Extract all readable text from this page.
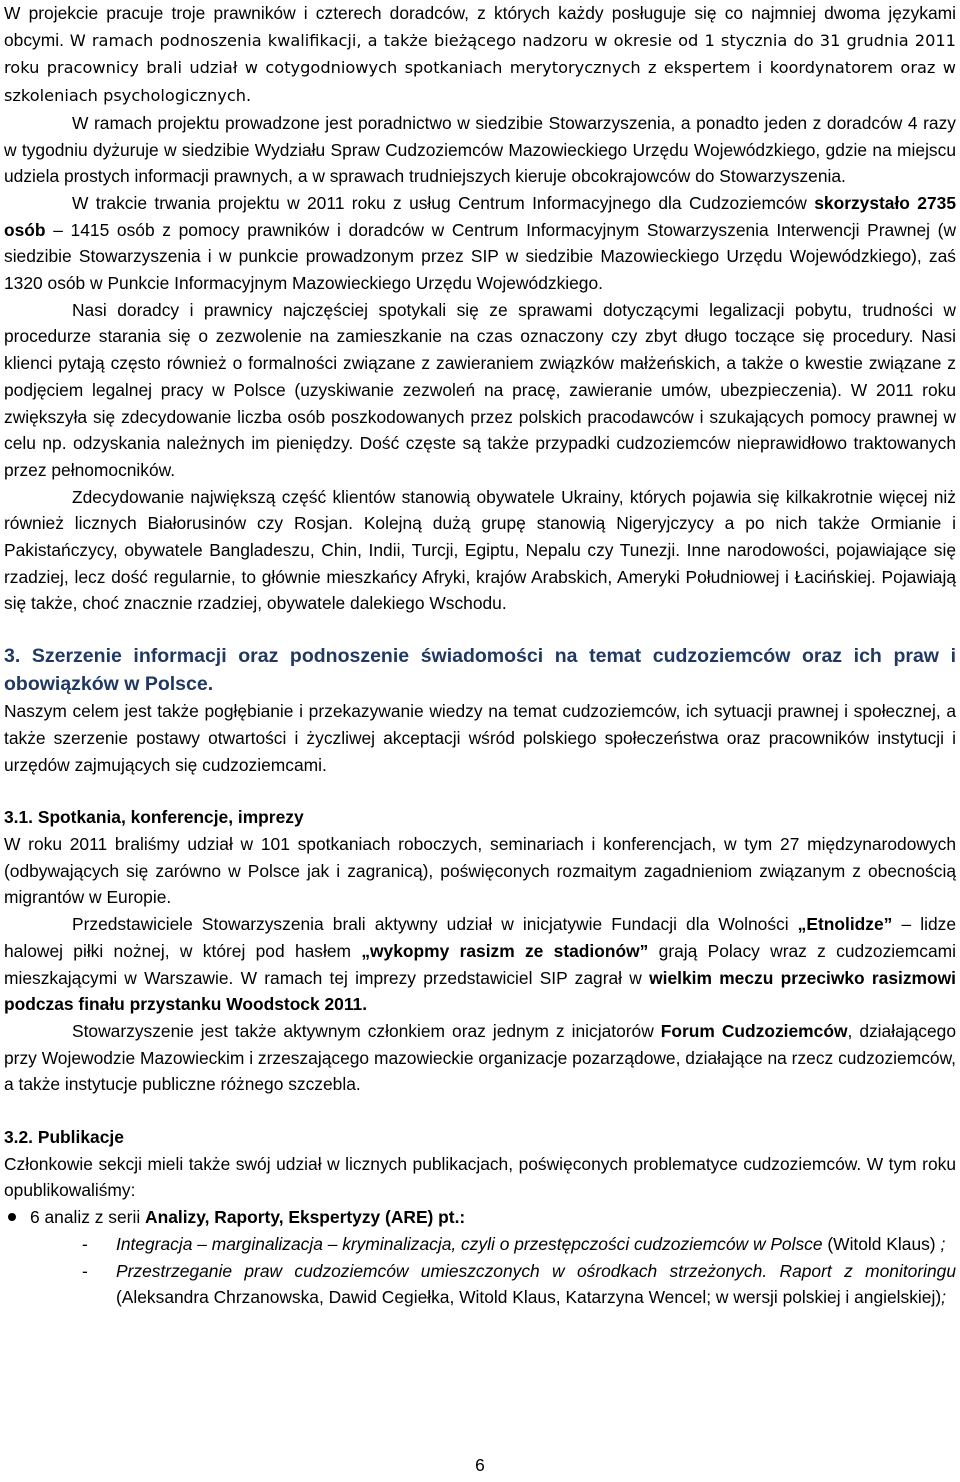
W projekcie pracuje troje prawników i czterech doradców, z których każdy posługuje się co najmniej dwoma językami obcymi. W ramach podnoszenia kwalifikacji, a także bieżącego nadzoru w okresie od 1 stycznia do 31 grudnia 2011 roku pracownicy brali udział w cotygodniowych spotkaniach merytorycznych z ekspertem i koordynatorem oraz w szkoleniach psychologicznych.

W ramach projektu prowadzone jest poradnictwo w siedzibie Stowarzyszenia, a ponadto jeden z doradców 4 razy w tygodniu dyżuruje w siedzibie Wydziału Spraw Cudzoziemców Mazowieckiego Urzędu Wojewódzkiego, gdzie na miejscu udziela prostych informacji prawnych, a w sprawach trudniejszych kieruje obcokrajowców do Stowarzyszenia.

W trakcie trwania projektu w 2011 roku z usług Centrum Informacyjnego dla Cudzoziemców skorzystało 2735 osób – 1415 osób z pomocy prawników i doradców w Centrum Informacyjnym Stowarzyszenia Interwencji Prawnej (w siedzibie Stowarzyszenia i w punkcie prowadzonym przez SIP w siedzibie Mazowieckiego Urzędu Wojewódzkiego), zaś 1320 osób w Punkcie Informacyjnym Mazowieckiego Urzędu Wojewódzkiego.

Nasi doradcy i prawnicy najczęściej spotykali się ze sprawami dotyczącymi legalizacji pobytu, trudności w procedurze starania się o zezwolenie na zamieszkanie na czas oznaczony czy zbyt długo toczące się procedury. Nasi klienci pytają często również o formalności związane z zawieraniem związków małżeńskich, a także o kwestie związane z podjęciem legalnej pracy w Polsce (uzyskiwanie zezwoleń na pracę, zawieranie umów, ubezpieczenia). W 2011 roku zwiększyła się zdecydowanie liczba osób poszkodowanych przez polskich pracodawców i szukających pomocy prawnej w celu np. odzyskania należnych im pieniędzy. Dość częste są także przypadki cudzoziemców nieprawidłowo traktowanych przez pełnomocników.

Zdecydowanie największą część klientów stanowią obywatele Ukrainy, których pojawia się kilkakrotnie więcej niż również licznych Białorusinów czy Rosjan. Kolejną dużą grupę stanowią Nigeryjczycy a po nich także Ormianie i Pakistańczycy, obywatele Bangladeszu, Chin, Indii, Turcji, Egiptu, Nepalu czy Tunezji. Inne narodowości, pojawiające się rzadziej, lecz dość regularnie, to głównie mieszkańcy Afryki, krajów Arabskich, Ameryki Południowej i Łacińskiej. Pojawiają się także, choć znacznie rzadziej, obywatele dalekiego Wschodu.

3. Szerzenie informacji oraz podnoszenie świadomości na temat cudzoziemców oraz ich praw i obowiązków w Polsce.

Naszym celem jest także pogłębianie i przekazywanie wiedzy na temat cudzoziemców, ich sytuacji prawnej i społecznej, a także szerzenie postawy otwartości i życzliwej akceptacji wśród polskiego społeczeństwa oraz pracowników instytucji i urzędów zajmujących się cudzoziemcami.

3.1. Spotkania, konferencje, imprezy

W roku 2011 braliśmy udział w 101 spotkaniach roboczych, seminariach i konferencjach, w tym 27 międzynarodowych (odbywających się zarówno w Polsce jak i zagranicą), poświęconych rozmaitym zagadnieniom związanym z obecnością migrantów w Europie.

Przedstawiciele Stowarzyszenia brali aktywny udział w inicjatywie Fundacji dla Wolności „Etnolidze” – lidze halowej piłki nożnej, w której pod hasłem „wykopmy rasizm ze stadionów” grają Polacy wraz z cudzoziemcami mieszkającymi w Warszawie. W ramach tej imprezy przedstawiciel SIP zagrał w wielkim meczu przeciwko rasizmowi podczas finału przystanku Woodstock 2011.

Stowarzyszenie jest także aktywnym członkiem oraz jednym z inicjatorów Forum Cudzoziemców, działającego przy Wojewodzie Mazowieckim i zrzeszającego mazowieckie organizacje pozarządowe, działające na rzecz cudzoziemców, a także instytucje publiczne różnego szczebla.

3.2. Publikacje

Członkowie sekcji mieli także swój udział w licznych publikacjach, poświęconych problematyce cudzoziemców. W tym roku opublikowaliśmy:

6 analiz z serii Analizy, Raporty, Ekspertyzy (ARE) pt.:
- Integracja – marginalizacja – kryminalizacja, czyli o przestępczości cudzoziemców w Polsce (Witold Klaus) ;
- Przestrzeganie praw cudzoziemców umieszczonych w ośrodkach strzeżonych. Raport z monitoringu (Aleksandra Chrzanowska, Dawid Cegiełka, Witold Klaus, Katarzyna Wencel; w wersji polskiej i angielskiej);
6
